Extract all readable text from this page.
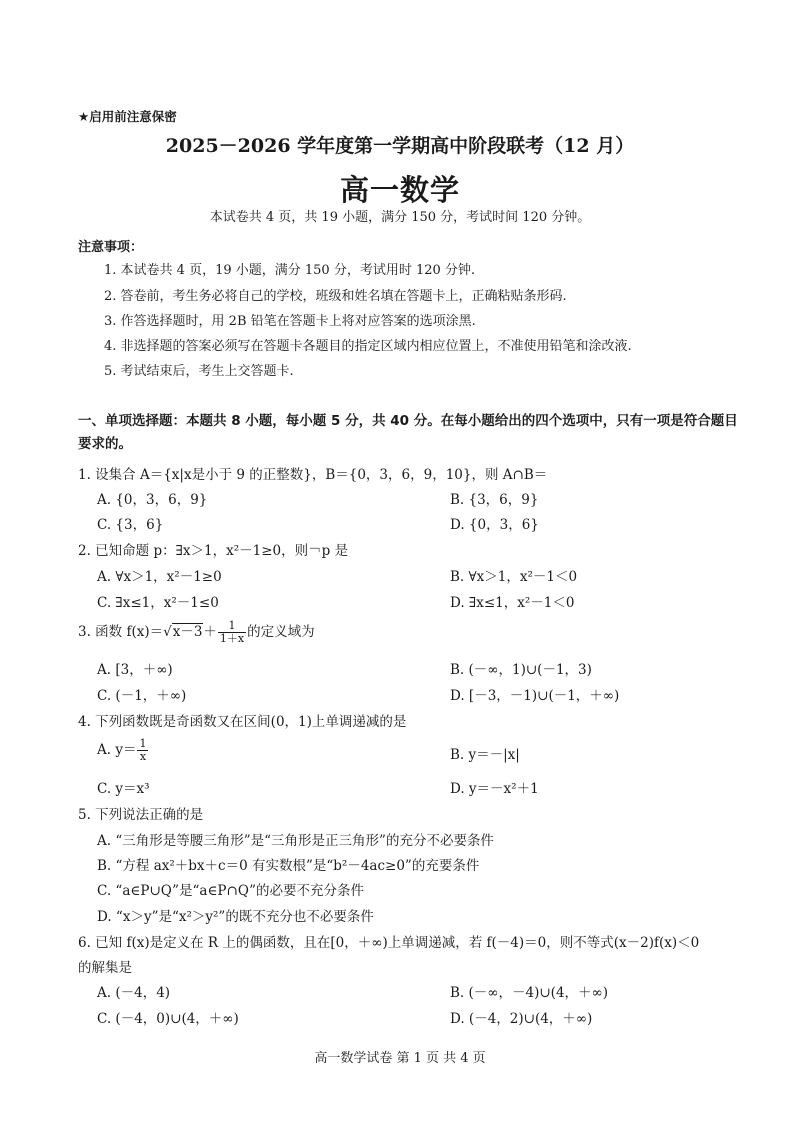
★启用前注意保密
2025－2026 学年度第一学期高中阶段联考（12 月）
高一数学
本试卷共 4 页，共 19 小题，满分 150 分，考试时间 120 分钟。
注意事项：
1. 本试卷共 4 页，19 小题，满分 150 分，考试用时 120 分钟.
2. 答卷前，考生务必将自己的学校，班级和姓名填在答题卡上，正确粘贴条形码.
3. 作答选择题时，用 2B 铅笔在答题卡上将对应答案的选项涂黑.
4. 非选择题的答案必须写在答题卡各题目的指定区域内相应位置上，不准使用铅笔和涂改液.
5. 考试结束后，考生上交答题卡.
一、单项选择题：本题共 8 小题，每小题 5 分，共 40 分。在每小题给出的四个选项中，只有一项是符合题目要求的。
1. 设集合 A＝{x|x是小于 9 的正整数}，B＝{0，3，6，9，10}，则 A∩B＝
A. {0，3，6，9}	B. {3，6，9}
C. {3，6}	D. {0，3，6}
2. 已知命题 p：∃x＞1，x²－1≥0，则￢p 是
A. ∀x＞1，x²－1≥0	B. ∀x＞1，x²－1＜0
C. ∃x≤1，x²－1≤0	D. ∃x≤1，x²－1＜0
3. 函数 $f(x)=√x-3+ \frac{1}{1+x}$ 的定义域为
A. [3，＋∞)	B. (－∞，1)∪(－1，3)
C. (－1，＋∞)	D. [－3，－1)∪(－1，＋∞)
4. 下列函数既是奇函数又在区间(0，1)上单调递减的是
A. $y= \frac{1}{x}$	B. y＝－|x|
C. y＝x³	D. y＝－x²＋1
5. 下列说法正确的是
A. “三角形是等腰三角形”是“三角形是正三角形”的充分不必要条件
B. “方程 ax²＋bx＋c＝0 有实数根”是“b²－4ac≥0”的充要条件
C. “a∈P∪Q”是“a∈P∩Q”的必要不充分条件
D. “x＞y”是“x²＞y²”的既不充分也不必要条件
6. 已知 f(x)是定义在 R 上的偶函数，且在[0，＋∞)上单调递减，若 f(－4)＝0，则不等式(x－2)f(x)＜0
的解集是
A. (－4，4)	B. (－∞，－4)∪(4，＋∞)
C. (－4，0)∪(4，＋∞)	D. (－4，2)∪(4，＋∞)
高一数学试卷 第 1 页 共 4 页
